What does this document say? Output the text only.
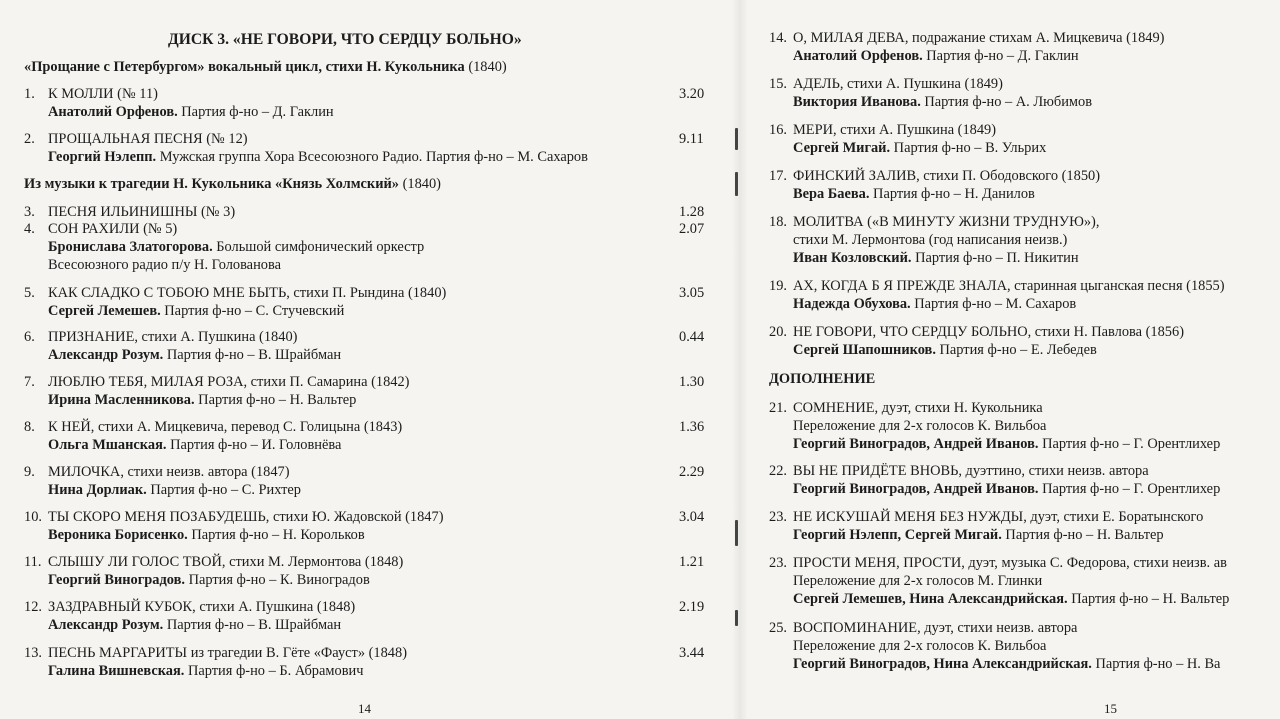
ДИСК 3. «НЕ ГОВОРИ, ЧТО СЕРДЦУ БОЛЬНО»
«Прощание с Петербургом» вокальный цикл, стихи Н. Кукольника (1840)
1. К МОЛЛИ (№ 11)
Анатолий Орфенов. Партия ф-но – Д. Гаклин
3.20
2. ПРОЩАЛЬНАЯ ПЕСНЯ (№ 12)
Георгий Нэлепп. Мужская группа Хора Всесоюзного Радио. Партия ф-но – М. Сахаров
9.11
Из музыки к трагедии Н. Кукольника «Князь Холмский» (1840)
3. ПЕСНЯ ИЛЬИНИШНЫ (№ 3)	1.28
4. СОН РАХИЛИ (№ 5)
Бронислава Златогорова. Большой симфонический оркестр
Всесоюзного радио п/у Н. Голованова
2.07
5. КАК СЛАДКО С ТОБОЮ МНЕ БЫТЬ, стихи П. Рындина (1840)
Сергей Лемешев. Партия ф-но – С. Стучевский
3.05
6. ПРИЗНАНИЕ, стихи А. Пушкина (1840)
Александр Розум. Партия ф-но – В. Шрайбман
0.44
7. ЛЮБЛЮ ТЕБЯ, МИЛАЯ РОЗА, стихи П. Самарина (1842)
Ирина Масленникова. Партия ф-но – Н. Вальтер
1.30
8. К НЕЙ, стихи А. Мицкевича, перевод С. Голицына (1843)
Ольга Мшанская. Партия ф-но – И. Головнёва
1.36
9. МИЛОЧКА, стихи неизв. автора (1847)
Нина Дорлиак. Партия ф-но – С. Рихтер
2.29
10. ТЫ СКОРО МЕНЯ ПОЗАБУДЕШЬ, стихи Ю. Жадовской (1847)
Вероника Борисенко. Партия ф-но – Н. Корольков
3.04
11. СЛЫШУ ЛИ ГОЛОС ТВОЙ, стихи М. Лермонтова (1848)
Георгий Виноградов. Партия ф-но – К. Виноградов
1.21
12. ЗАЗДРАВНЫЙ КУБОК, стихи А. Пушкина (1848)
Александр Розум. Партия ф-но – В. Шрайбман
2.19
13. ПЕСНЬ МАРГАРИТЫ из трагедии В. Гёте «Фауст» (1848)
Галина Вишневская. Партия ф-но – Б. Абрамович
3.44
14
14. О, МИЛАЯ ДЕВА, подражание стихам А. Мицкевича (1849)
Анатолий Орфенов. Партия ф-но – Д. Гаклин
15. АДЕЛЬ, стихи А. Пушкина (1849)
Виктория Иванова. Партия ф-но – А. Любимов
16. МЕРИ, стихи А. Пушкина (1849)
Сергей Мигай. Партия ф-но – В. Ульрих
17. ФИНСКИЙ ЗАЛИВ, стихи П. Ободовского (1850)
Вера Баева. Партия ф-но – Н. Данилов
18. МОЛИТВА («В МИНУТУ ЖИЗНИ ТРУДНУЮ»),
стихи М. Лермонтова (год написания неизв.)
Иван Козловский. Партия ф-но – П. Никитин
19. АХ, КОГДА Б Я ПРЕЖДЕ ЗНАЛА, старинная цыганская песня (1855)
Надежда Обухова. Партия ф-но – М. Сахаров
20. НЕ ГОВОРИ, ЧТО СЕРДЦУ БОЛЬНО, стихи Н. Павлова (1856)
Сергей Шапошников. Партия ф-но – Е. Лебедев
ДОПОЛНЕНИЕ
21. СОМНЕНИЕ, дуэт, стихи Н. Кукольника
Переложение для 2-х голосов К. Вильбоа
Георгий Виноградов, Андрей Иванов. Партия ф-но – Г. Орентлихер
22. ВЫ НЕ ПРИДЁТЕ ВНОВЬ, дуэттино, стихи неизв. автора
Георгий Виноградов, Андрей Иванов. Партия ф-но – Г. Орентлихер
23. НЕ ИСКУШАЙ МЕНЯ БЕЗ НУЖДЫ, дуэт, стихи Е. Боратынского
Георгий Нэлепп, Сергей Мигай. Партия ф-но – Н. Вальтер
23. ПРОСТИ МЕНЯ, ПРОСТИ, дуэт, музыка С. Федорова, стихи неизв. ав
Переложение для 2-х голосов М. Глинки
Сергей Лемешев, Нина Александрийская. Партия ф-но – Н. Вальтер
25. ВОСПОМИНАНИЕ, дуэт, стихи неизв. автора
Переложение для 2-х голосов К. Вильбоа
Георгий Виноградов, Нина Александрийская. Партия ф-но – Н. Ва
15
